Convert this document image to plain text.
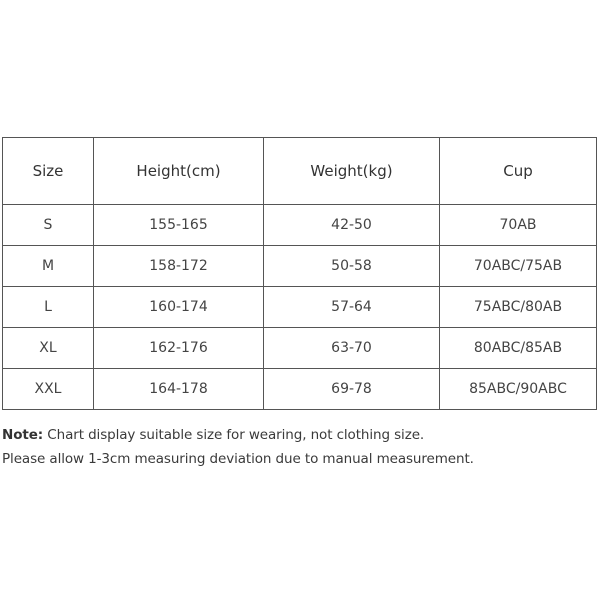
Size	Height(cm)	Weight(kg)	Cup
S	155-165	42-50	70AB
M	158-172	50-58	70ABC/75AB
L	160-174	57-64	75ABC/80AB
XL	162-176	63-70	80ABC/85AB
XXL	164-178	69-78	85ABC/90ABC
Note: Chart display suitable size for wearing, not clothing size.
Please allow 1-3cm measuring deviation due to manual measurement.
